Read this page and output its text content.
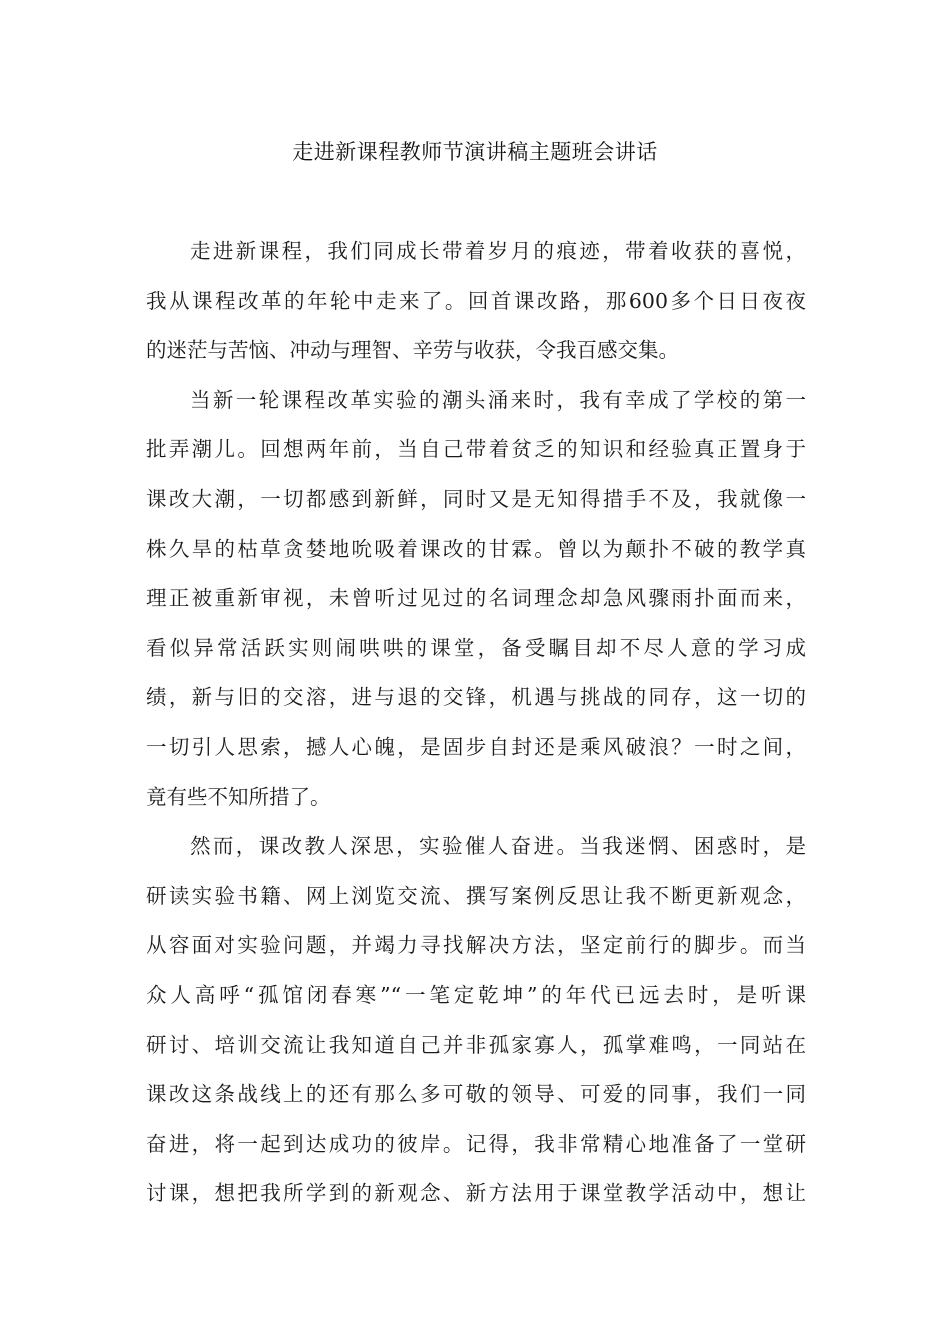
走进新课程教师节演讲稿主题班会讲话
走进新课程，我们同成长带着岁月的痕迹，带着收获的喜悦，
我从课程改革的年轮中走来了。回首课改路，那600多个日日夜夜
的迷茫与苦恼、冲动与理智、辛劳与收获，令我百感交集。
当新一轮课程改革实验的潮头涌来时，我有幸成了学校的第一
批弄潮儿。回想两年前，当自己带着贫乏的知识和经验真正置身于
课改大潮，一切都感到新鲜，同时又是无知得措手不及，我就像一
株久旱的枯草贪婪地吮吸着课改的甘霖。曾以为颠扑不破的教学真
理正被重新审视，未曾听过见过的名词理念却急风骤雨扑面而来，
看似异常活跃实则闹哄哄的课堂，备受瞩目却不尽人意的学习成
绩，新与旧的交溶，进与退的交锋，机遇与挑战的同存，这一切的
一切引人思索，撼人心魄，是固步自封还是乘风破浪？一时之间，
竟有些不知所措了。
然而，课改教人深思，实验催人奋进。当我迷惘、困惑时，是
研读实验书籍、网上浏览交流、撰写案例反思让我不断更新观念，
从容面对实验问题，并竭力寻找解决方法，坚定前行的脚步。而当
众人高呼“孤馆闭春寒”“一笔定乾坤”的年代已远去时，是听课
研讨、培训交流让我知道自己并非孤家寡人，孤掌难鸣，一同站在
课改这条战线上的还有那么多可敬的领导、可爱的同事，我们一同
奋进，将一起到达成功的彼岸。记得，我非常精心地准备了一堂研
讨课，想把我所学到的新观念、新方法用于课堂教学活动中，想让
